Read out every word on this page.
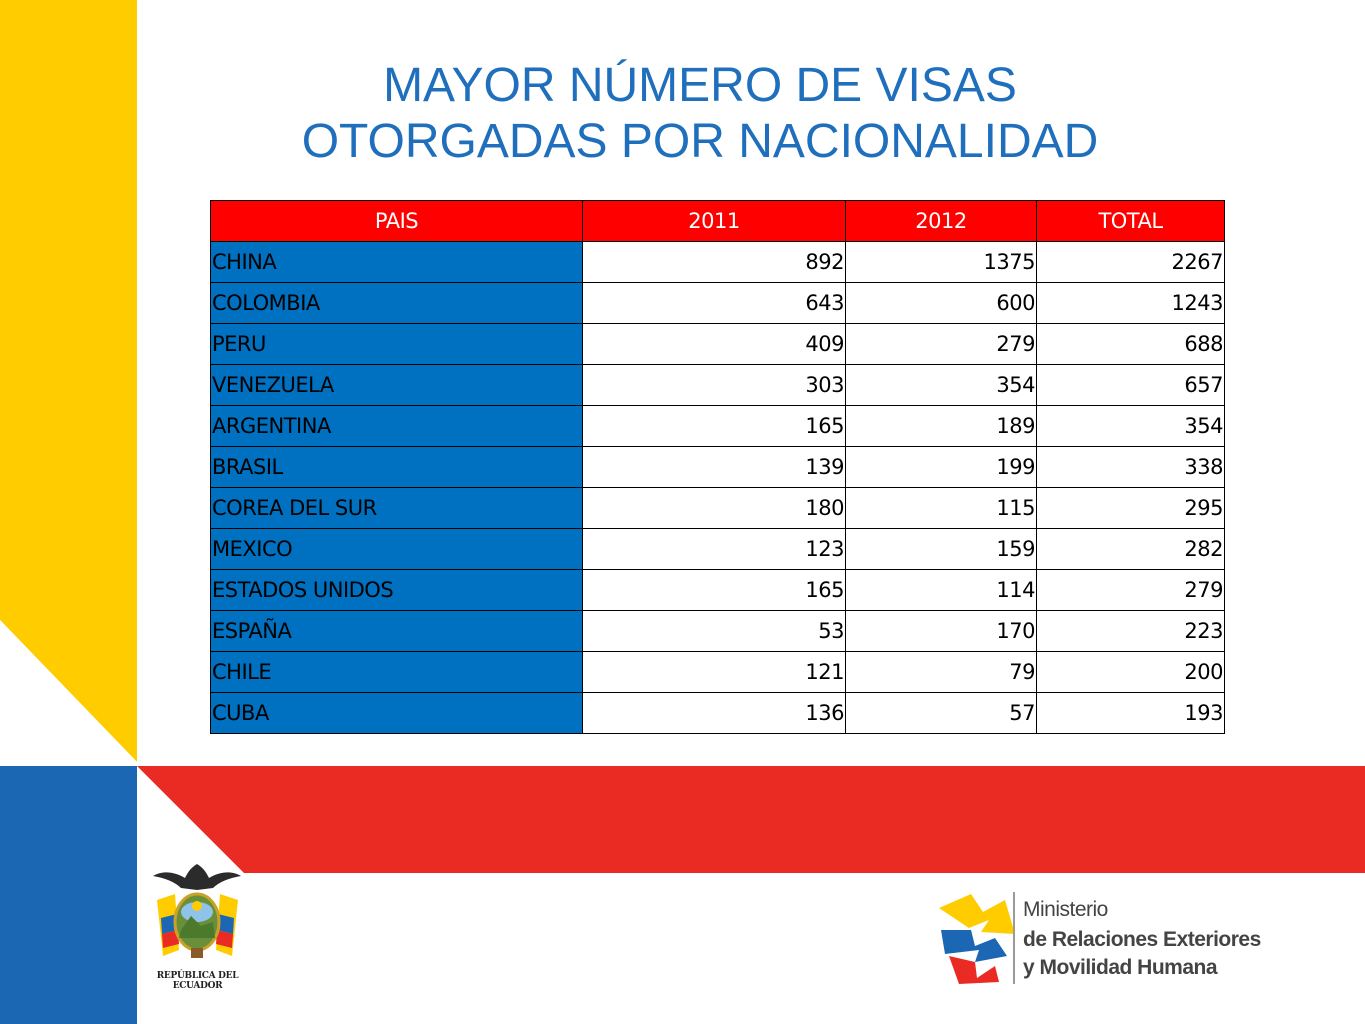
MAYOR NÚMERO DE VISAS
OTORGADAS POR NACIONALIDAD
PAIS	2011	2012	TOTAL
CHINA	892	1375	2267
COLOMBIA	643	600	1243
PERU	409	279	688
VENEZUELA	303	354	657
ARGENTINA	165	189	354
BRASIL	139	199	338
COREA DEL SUR	180	115	295
MEXICO	123	159	282
ESTADOS UNIDOS	165	114	279
ESPAÑA	53	170	223
CHILE	121	79	200
CUBA	136	57	193
REPÚBLICA DEL ECUADOR
Ministerio
de Relaciones Exteriores
y Movilidad Humana
